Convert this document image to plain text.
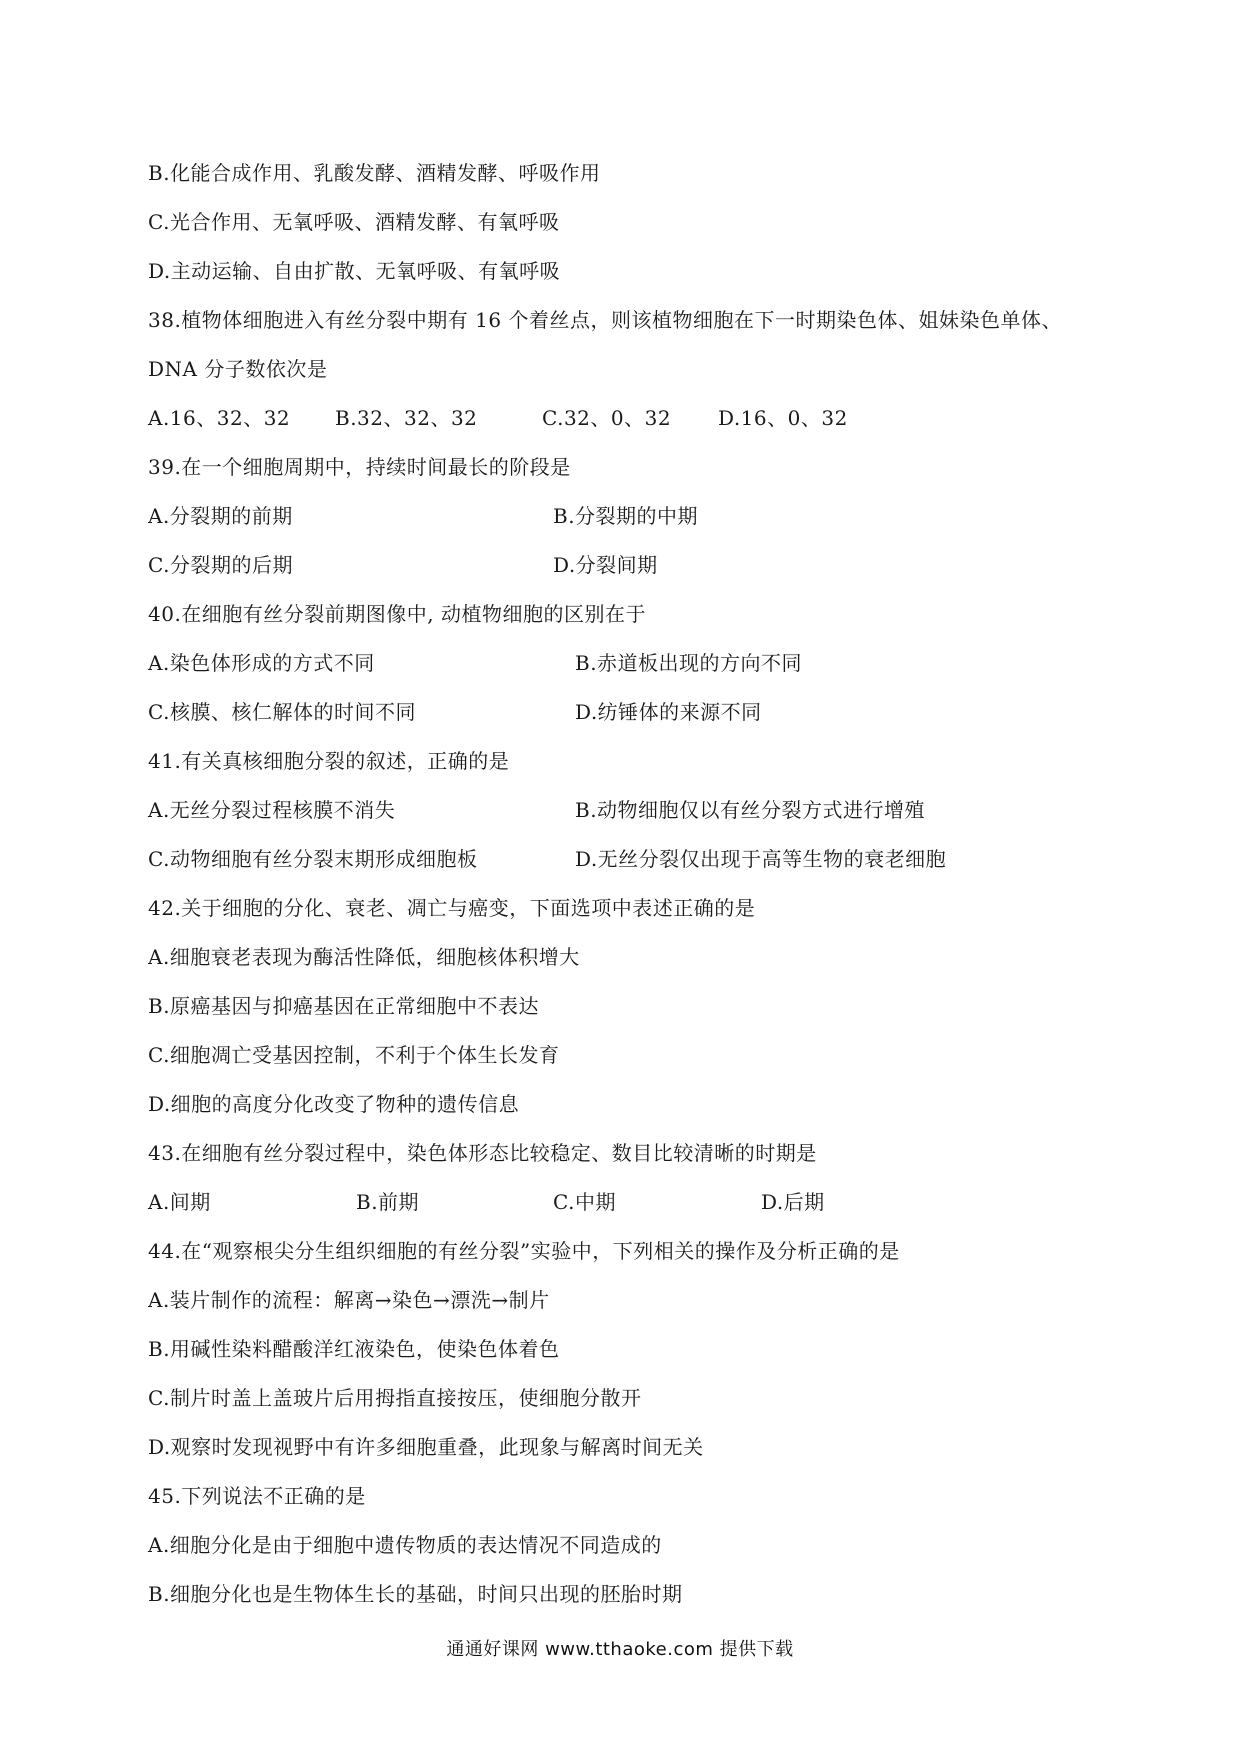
B.化能合成作用、乳酸发酵、酒精发酵、呼吸作用
C.光合作用、无氧呼吸、酒精发酵、有氧呼吸
D.主动运输、自由扩散、无氧呼吸、有氧呼吸
38.植物体细胞进入有丝分裂中期有 16 个着丝点，则该植物细胞在下一时期染色体、姐妹染色单体、
DNA 分子数依次是
A.16、32、32 B.32、32、32	C.32、0、32 D.16、0、32
39.在一个细胞周期中，持续时间最长的阶段是
A.分裂期的前期	B.分裂期的中期
C.分裂期的后期	D.分裂间期
40.在细胞有丝分裂前期图像中, 动植物细胞的区别在于
A.染色体形成的方式不同	B.赤道板出现的方向不同
C.核膜、核仁解体的时间不同	D.纺锤体的来源不同
41.有关真核细胞分裂的叙述，正确的是
A.无丝分裂过程核膜不消失	B.动物细胞仅以有丝分裂方式进行增殖
C.动物细胞有丝分裂末期形成细胞板	D.无丝分裂仅出现于高等生物的衰老细胞
42.关于细胞的分化、衰老、凋亡与癌变，下面选项中表述正确的是
A.细胞衰老表现为酶活性降低，细胞核体积增大
B.原癌基因与抑癌基因在正常细胞中不表达
C.细胞凋亡受基因控制，不利于个体生长发育
D.细胞的高度分化改变了物种的遗传信息
43.在细胞有丝分裂过程中，染色体形态比较稳定、数目比较清晰的时期是
A.间期	B.前期	C.中期	D.后期
44.在“观察根尖分生组织细胞的有丝分裂”实验中，下列相关的操作及分析正确的是
A.装片制作的流程：解离→染色→漂洗→制片
B.用碱性染料醋酸洋红液染色，使染色体着色
C.制片时盖上盖玻片后用拇指直接按压，使细胞分散开
D.观察时发现视野中有许多细胞重叠，此现象与解离时间无关
45.下列说法不正确的是
A.细胞分化是由于细胞中遗传物质的表达情况不同造成的
B.细胞分化也是生物体生长的基础，时间只出现的胚胎时期
通通好课网 www.tthaoke.com 提供下载
